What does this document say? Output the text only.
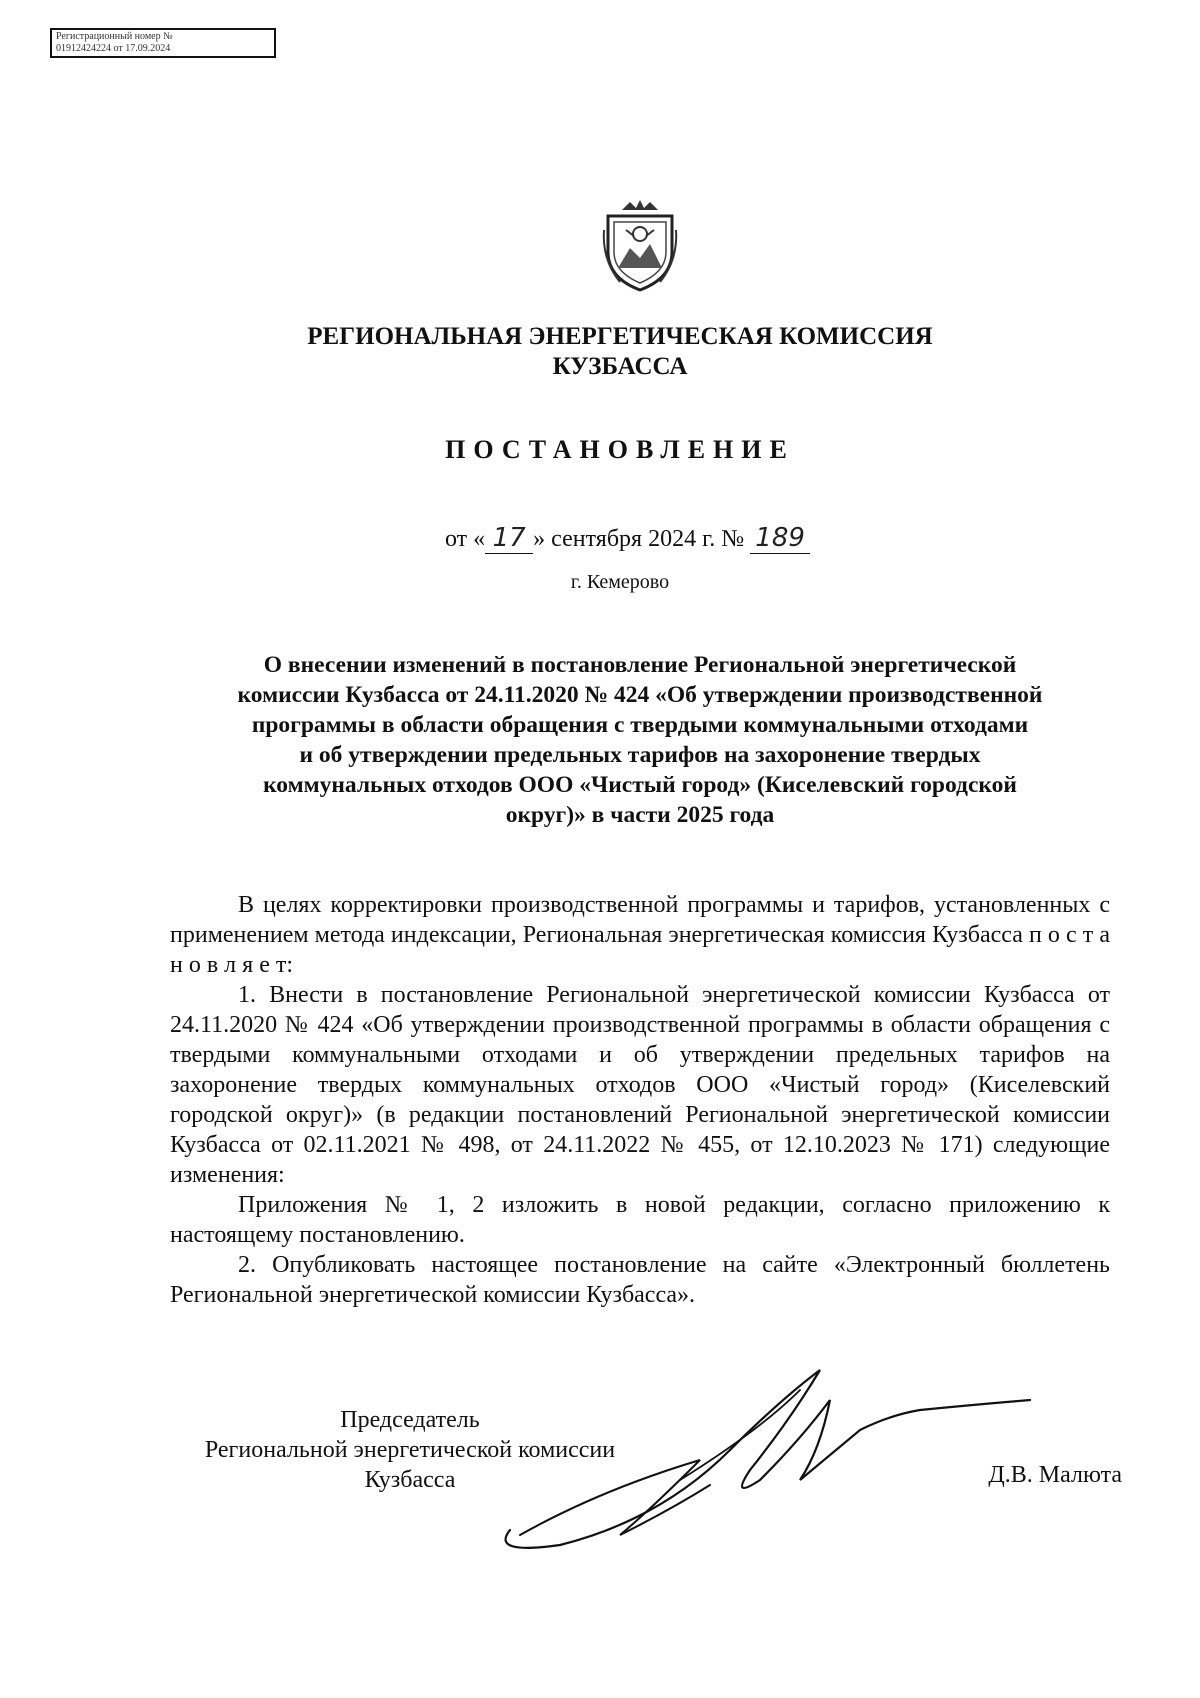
Регистрационный номер №
01912424224 от 17.09.2024
РЕГИОНАЛЬНАЯ ЭНЕРГЕТИЧЕСКАЯ КОМИССИЯ
КУЗБАССА
ПОСТАНОВЛЕНИЕ
от « 17 » сентября 2024 г. № 189
г. Кемерово
О внесении изменений в постановление Региональной энергетической
комиссии Кузбасса от 24.11.2020 № 424 «Об утверждении производственной
программы в области обращения с твердыми коммунальными отходами
и об утверждении предельных тарифов на захоронение твердых
коммунальных отходов ООО «Чистый город» (Киселевский городской
округ)» в части 2025 года

В целях корректировки производственной программы и тарифов, установленных с применением метода индексации, Региональная энергетическая комиссия Кузбасса п о с т а н о в л я е т:

1. Внести в постановление Региональной энергетической комиссии Кузбасса от 24.11.2020 № 424 «Об утверждении производственной программы в области обращения с твердыми коммунальными отходами и об утверждении предельных тарифов на захоронение твердых коммунальных отходов ООО «Чистый город» (Киселевский городской округ)» (в редакции постановлений Региональной энергетической комиссии Кузбасса от 02.11.2021 № 498, от 24.11.2022 № 455, от 12.10.2023 № 171) следующие изменения:

Приложения № 1, 2 изложить в новой редакции, согласно приложению к настоящему постановлению.

2. Опубликовать настоящее постановление на сайте «Электронный бюллетень Региональной энергетической комиссии Кузбасса».

Председатель
Региональной энергетической комиссии
Кузбасса	Д.В. Малюта
